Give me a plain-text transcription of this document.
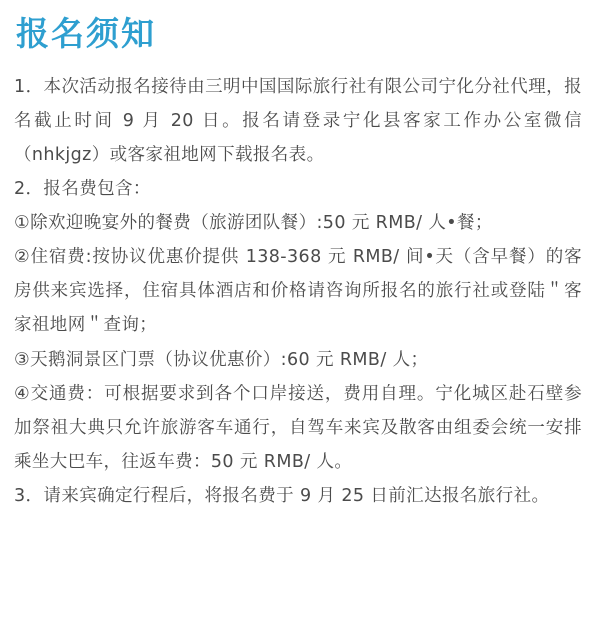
报名须知

1．本次活动报名接待由三明中国国际旅行社有限公司宁化分社代理，报名截止时间 9 月 20 日。报名请登录宁化县客家工作办公室微信（nhkjgz）或客家祖地网下载报名表。

2．报名费包含：

①除欢迎晚宴外的餐费（旅游团队餐）:50 元 RMB/ 人•餐；

②住宿费:按协议优惠价提供 138-368 元 RMB/ 间•天（含早餐）的客房供来宾选择，住宿具体酒店和价格请咨询所报名的旅行社或登陆＂客家祖地网＂查询；

③天鹅洞景区门票（协议优惠价）:60 元 RMB/ 人；

④交通费：可根据要求到各个口岸接送，费用自理。宁化城区赴石壁参加祭祖大典只允许旅游客车通行，自驾车来宾及散客由组委会统一安排乘坐大巴车，往返车费：50 元 RMB/ 人。

3．请来宾确定行程后，将报名费于 9 月 25 日前汇达报名旅行社。
